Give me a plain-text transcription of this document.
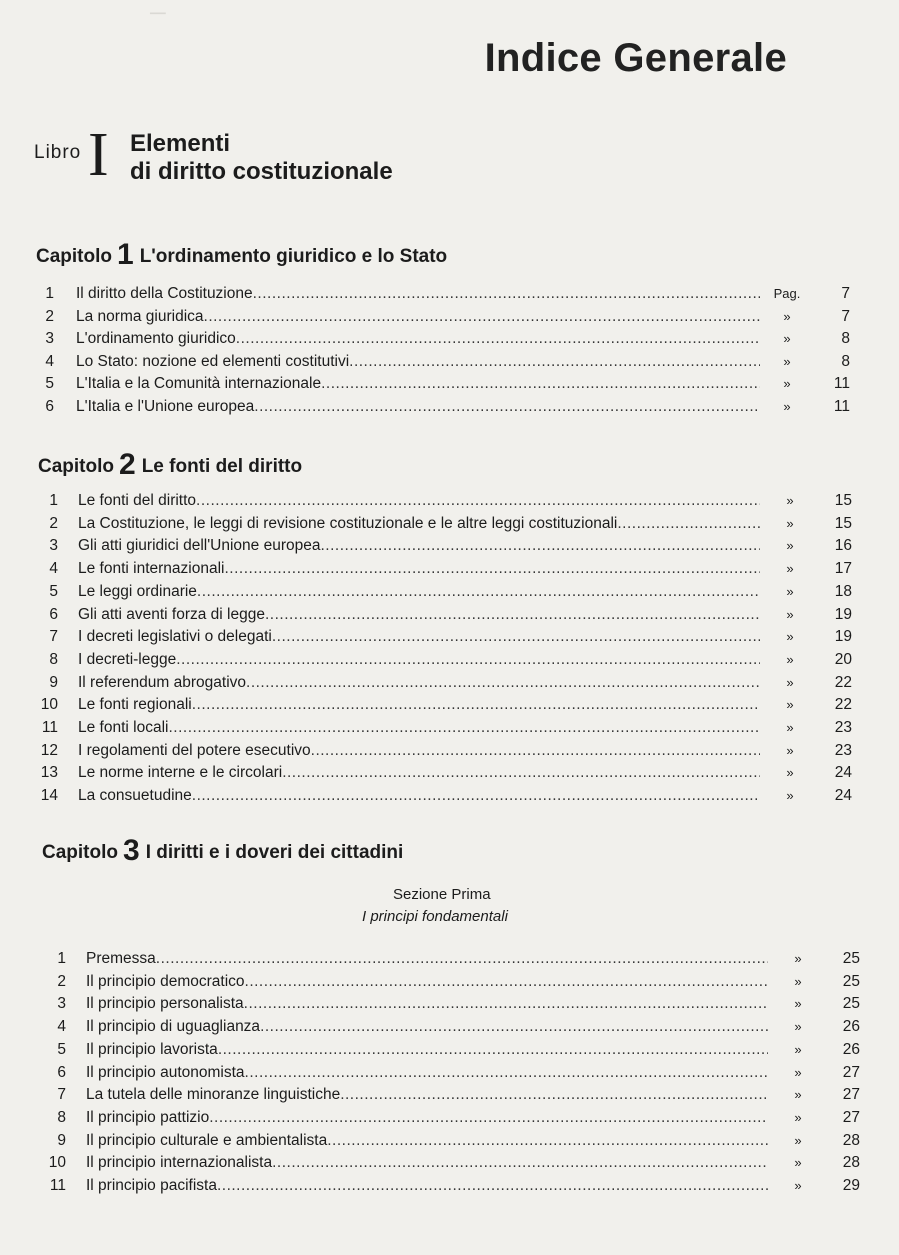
─
Indice Generale
Libro I Elementi
di diritto costituzionale
Capitolo 1 L'ordinamento giuridico e lo Stato
1 Il diritto della Costituzione .....	Pag.	7
2 La norma giuridica .....	»	7
3 L'ordinamento giuridico .....	»	8
4 Lo Stato: nozione ed elementi costitutivi .....	»	8
5 L'Italia e la Comunità internazionale .....	»	11
6 L'Italia e l'Unione europea .....	»	11
Capitolo 2 Le fonti del diritto
1 Le fonti del diritto .....	»	15
2 La Costituzione, le leggi di revisione costituzionale e le altre leggi costituzionali .....	»	15
3 Gli atti giuridici dell'Unione europea .....	»	16
4 Le fonti internazionali .....	»	17
5 Le leggi ordinarie .....	»	18
6 Gli atti aventi forza di legge .....	»	19
7 I decreti legislativi o delegati .....	»	19
8 I decreti-legge .....	»	20
9 Il referendum abrogativo .....	»	22
10 Le fonti regionali .....	»	22
11 Le fonti locali .....	»	23
12 I regolamenti del potere esecutivo .....	»	23
13 Le norme interne e le circolari .....	»	24
14 La consuetudine .....	»	24
Capitolo 3 I diritti e i doveri dei cittadini
Sezione Prima
I principi fondamentali
1 Premessa .....	»	25
2 Il principio democratico .....	»	25
3 Il principio personalista .....	»	25
4 Il principio di uguaglianza .....	»	26
5 Il principio lavorista .....	»	26
6 Il principio autonomista .....	»	27
7 La tutela delle minoranze linguistiche .....	»	27
8 Il principio pattizio .....	»	27
9 Il principio culturale e ambientalista .....	»	28
10 Il principio internazionalista .....	»	28
11 Il principio pacifista .....	»	29
